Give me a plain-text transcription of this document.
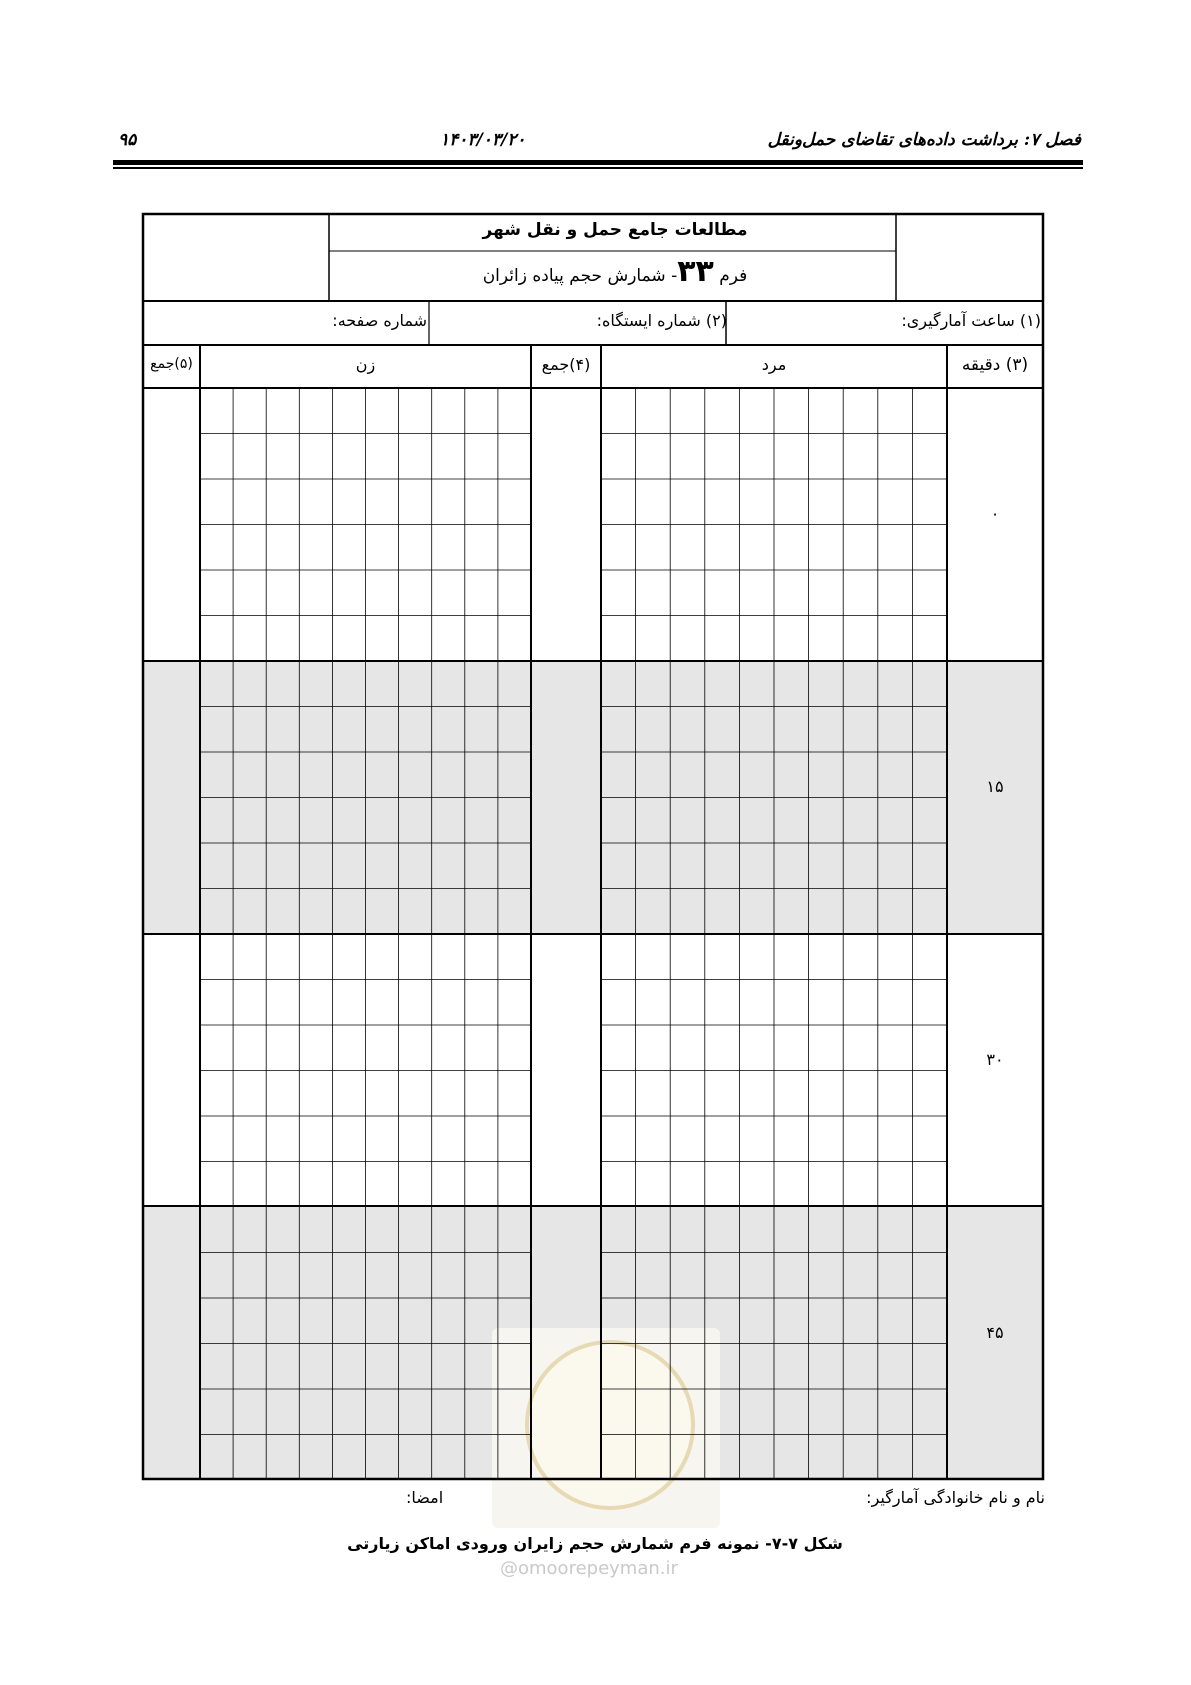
فصل ۷: برداشت داده‌های تقاضای حمل‌ونقل
۱۴۰۳/۰۳/۲۰
۹۵
@omoorepeyman.ir
مطالعات جامع حمل و نقل شهر
فرم ۳۳- شمارش حجم پیاده زائران
(۱) ساعت آمارگیری:
(۲) شماره ایستگاه:
شماره صفحه:
(۳) دقیقه
مرد
(۴)جمع
زن
(۵)جمع
۰
۱۵
۳۰
۴۵
نام و نام خانوادگی آمارگیر:
امضا:
شکل ۷-۷- نمونه فرم شمارش حجم زایران ورودی اماکن زیارتی
